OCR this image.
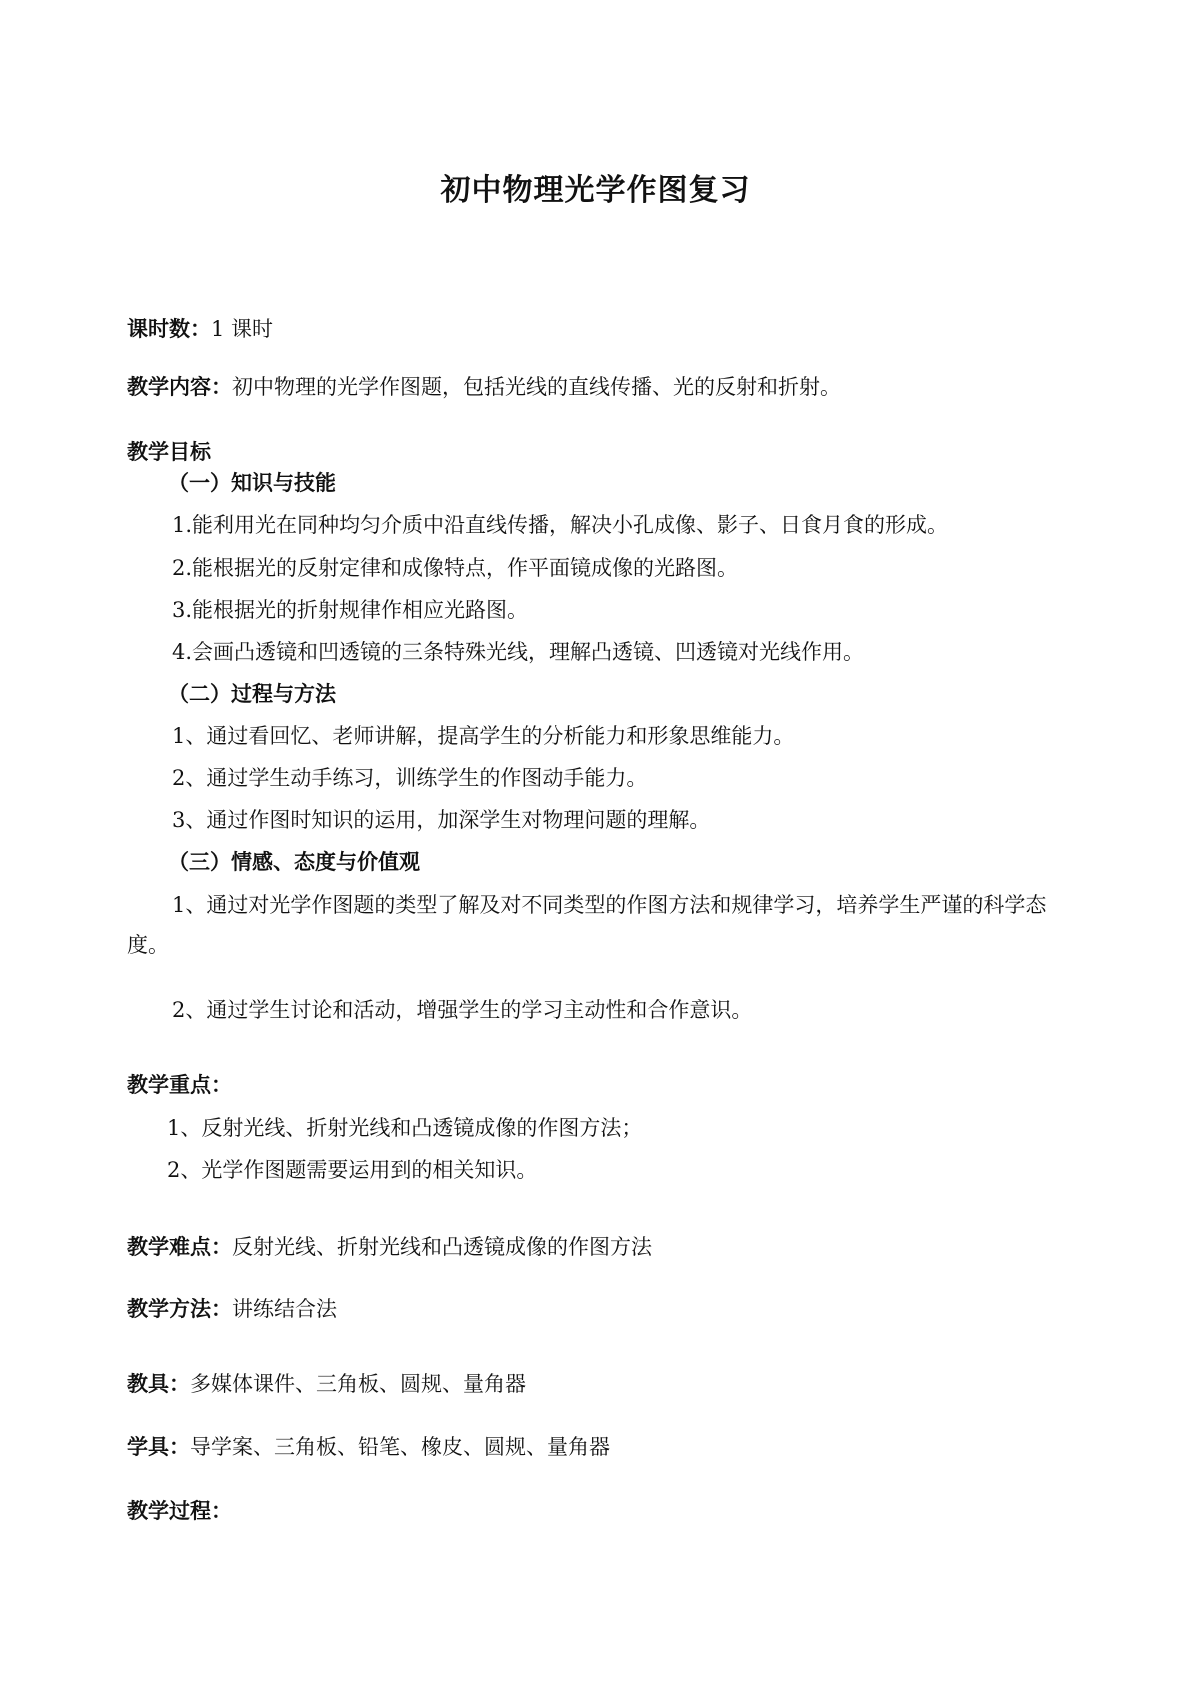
初中物理光学作图复习
课时数：1 课时
教学内容：初中物理的光学作图题，包括光线的直线传播、光的反射和折射。
教学目标
（一）知识与技能
1.能利用光在同种均匀介质中沿直线传播，解决小孔成像、影子、日食月食的形成。
2.能根据光的反射定律和成像特点，作平面镜成像的光路图。
3.能根据光的折射规律作相应光路图。
4.会画凸透镜和凹透镜的三条特殊光线，理解凸透镜、凹透镜对光线作用。
（二）过程与方法
1、通过看回忆、老师讲解，提高学生的分析能力和形象思维能力。
2、通过学生动手练习，训练学生的作图动手能力。
3、通过作图时知识的运用，加深学生对物理问题的理解。
（三）情感、态度与价值观
1、通过对光学作图题的类型了解及对不同类型的作图方法和规律学习，培养学生严谨的科学态度。
2、通过学生讨论和活动，增强学生的学习主动性和合作意识。
教学重点：
1、反射光线、折射光线和凸透镜成像的作图方法；
2、光学作图题需要运用到的相关知识。
教学难点：反射光线、折射光线和凸透镜成像的作图方法
教学方法：讲练结合法
教具：多媒体课件、三角板、圆规、量角器
学具：导学案、三角板、铅笔、橡皮、圆规、量角器
教学过程：
